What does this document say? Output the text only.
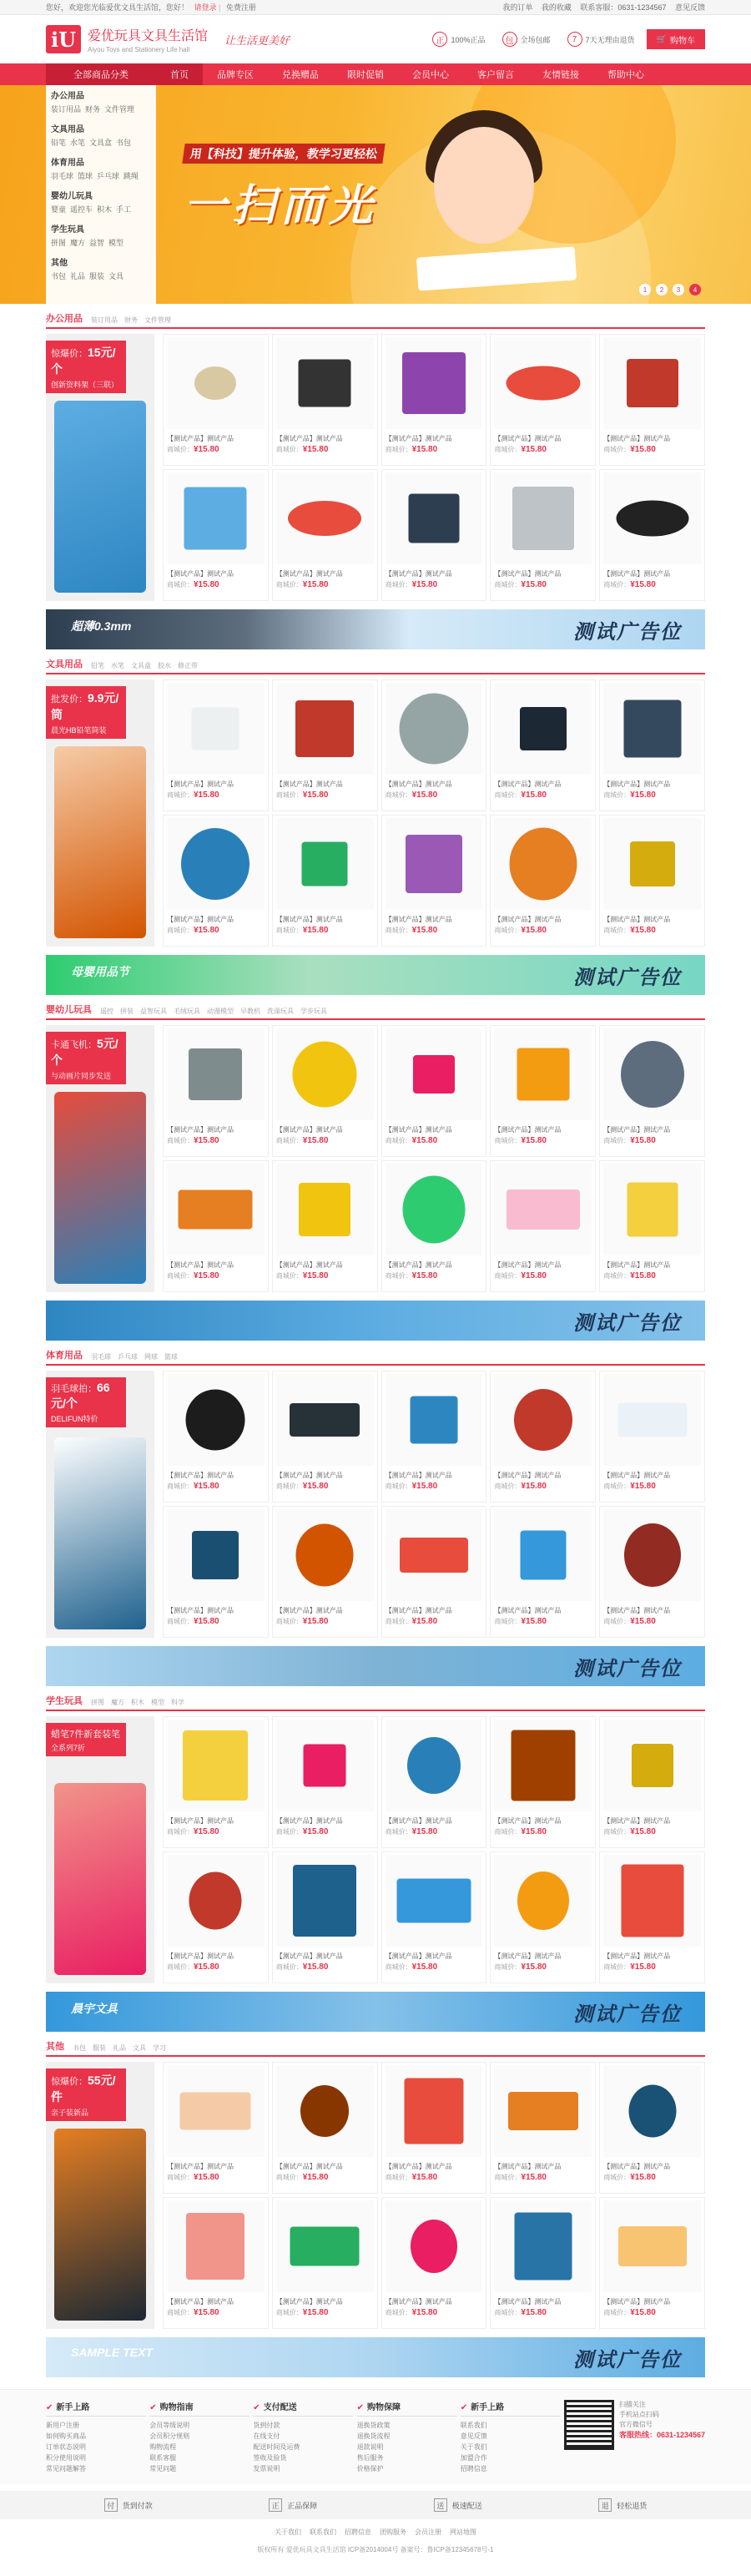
您好，欢迎您光临爱优文具生活馆，您好！ 请登录 | 免费注册	我的订单 我的收藏 联系客服：0631-1234567 意见反馈
iU 爱优玩具文具生活馆
Aiyou Toys and Stationery Life hall
让生活更美好	正 100%正品	包 全场包邮	7	7天无理由退货	🛒 购物车
全部商品分类	首页	品牌专区	兑换赠品	限时促销	会员中心	客户留言	友情链接	帮助中心
办公用品
装订用品 财务 文件管理
文具用品
铅笔 水笔 文具盒 书包
体育用品
羽毛球 篮球 乒乓球 跳绳
婴幼儿玩具
婴童 遥控车 积木 手工
学生玩具
拼图 魔方 益智 模型
其他
书包 礼品 服装 文具
用【科技】提升体验，教学习更轻松
一扫而光
1	2	3	4
办公用品 装订用品 财务 文件管理
惊爆价：15元/个
创新资料架（三联）
【测试产品】测试产品
商城价：¥15.80
【测试产品】测试产品
商城价：¥15.80
【测试产品】测试产品
商城价：¥15.80
【测试产品】测试产品
商城价：¥15.80
【测试产品】测试产品
商城价：¥15.80
【测试产品】测试产品
商城价：¥15.80
【测试产品】测试产品
商城价：¥15.80
【测试产品】测试产品
商城价：¥15.80
【测试产品】测试产品
商城价：¥15.80
【测试产品】测试产品
商城价：¥15.80
超薄0.3mm	测试广告位
文具用品 铅笔 水笔 文具盒 胶水 修正带
批发价：9.9元/筒
晨光HB铅笔筒装
【测试产品】测试产品
商城价：¥15.80
【测试产品】测试产品
商城价：¥15.80
【测试产品】测试产品
商城价：¥15.80
【测试产品】测试产品
商城价：¥15.80
【测试产品】测试产品
商城价：¥15.80
【测试产品】测试产品
商城价：¥15.80
【测试产品】测试产品
商城价：¥15.80
【测试产品】测试产品
商城价：¥15.80
【测试产品】测试产品
商城价：¥15.80
【测试产品】测试产品
商城价：¥15.80
母婴用品节	测试广告位
婴幼儿玩具 遥控 拼装 益智玩具 毛绒玩具 动漫模型 早教机 洗澡玩具 学步玩具
卡通飞机：5元/个
与动画片同步发送
【测试产品】测试产品
商城价：¥15.80
【测试产品】测试产品
商城价：¥15.80
【测试产品】测试产品
商城价：¥15.80
【测试产品】测试产品
商城价：¥15.80
【测试产品】测试产品
商城价：¥15.80
【测试产品】测试产品
商城价：¥15.80
【测试产品】测试产品
商城价：¥15.80
【测试产品】测试产品
商城价：¥15.80
【测试产品】测试产品
商城价：¥15.80
【测试产品】测试产品
商城价：¥15.80
测试广告位
体育用品 羽毛球 乒乓球 网球 篮球
羽毛球拍：66元/个
DELIFUN特价
【测试产品】测试产品
商城价：¥15.80
【测试产品】测试产品
商城价：¥15.80
【测试产品】测试产品
商城价：¥15.80
【测试产品】测试产品
商城价：¥15.80
【测试产品】测试产品
商城价：¥15.80
【测试产品】测试产品
商城价：¥15.80
【测试产品】测试产品
商城价：¥15.80
【测试产品】测试产品
商城价：¥15.80
【测试产品】测试产品
商城价：¥15.80
【测试产品】测试产品
商城价：¥15.80
测试广告位
学生玩具 拼图 魔方 积木 模型 科学
蜡笔7件新套装笔
全系列7折
【测试产品】测试产品
商城价：¥15.80
【测试产品】测试产品
商城价：¥15.80
【测试产品】测试产品
商城价：¥15.80
【测试产品】测试产品
商城价：¥15.80
【测试产品】测试产品
商城价：¥15.80
【测试产品】测试产品
商城价：¥15.80
【测试产品】测试产品
商城价：¥15.80
【测试产品】测试产品
商城价：¥15.80
【测试产品】测试产品
商城价：¥15.80
【测试产品】测试产品
商城价：¥15.80
晨宇文具	测试广告位
其他 书包 服装 礼品 文具 学习
惊爆价：55元/件
亲子装新品
【测试产品】测试产品
商城价：¥15.80
【测试产品】测试产品
商城价：¥15.80
【测试产品】测试产品
商城价：¥15.80
【测试产品】测试产品
商城价：¥15.80
【测试产品】测试产品
商城价：¥15.80
【测试产品】测试产品
商城价：¥15.80
【测试产品】测试产品
商城价：¥15.80
【测试产品】测试产品
商城价：¥15.80
【测试产品】测试产品
商城价：¥15.80
【测试产品】测试产品
商城价：¥15.80
SAMPLE TEXT	测试广告位
✔ 新手上路
新用户注册
如何购买商品
订单状态说明
积分使用说明
常见问题解答
✔ 购物指南
会员等级说明
会员积分规则
购物流程
联系客服
常见问题
✔ 支付配送
货到付款
在线支付
配送时间及运费
签收及验货
发票说明
✔ 购物保障
退换货政策
退换货流程
退款说明
售后服务
价格保护
✔ 新手上路
联系我们
意见反馈
关于我们
加盟合作
招聘信息
扫描关注
手机站点扫码
官方微信号
客服热线：0631-1234567
付	货到付款	正	正品保障	送	极速配送	退	轻松退货
关于我们 联系我们 招聘信息 团购服务 会员注册 网站地图
版权所有 爱优玩具文具生活馆 ICP备2014004号 备案号：鲁ICP备12345678号-1
